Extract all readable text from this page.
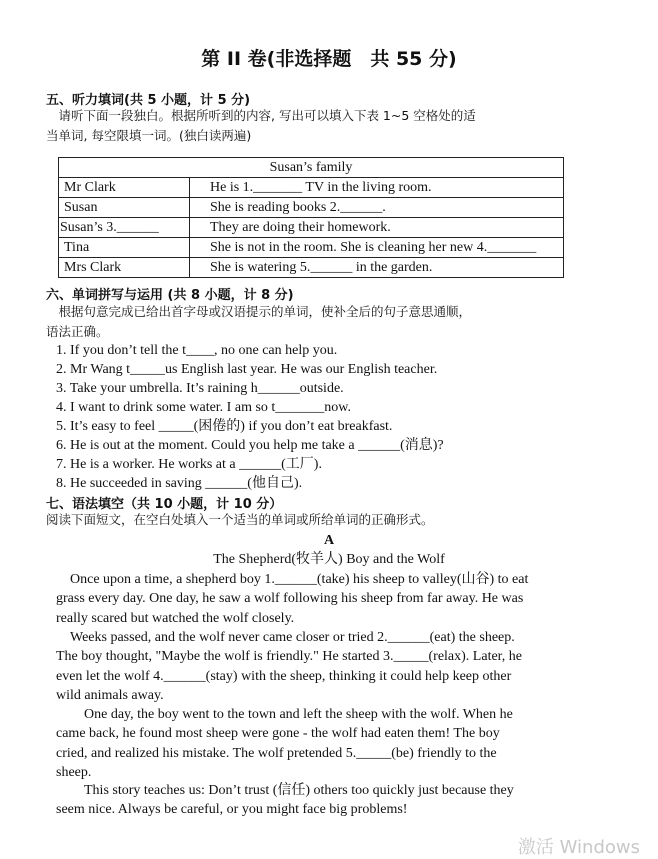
第 II 卷(非选择题　共 55 分)
五、听力填词(共 5 小题，计 5 分)
　请听下面一段独白。根据所听到的内容, 写出可以填入下表 1~5 空格处的适
当单词, 每空限填一词。(独白读两遍)
Susan’s family	
Mr Clark	He is 1._______ TV in the living room.
Susan	She is reading books 2.______.
Susan’s 3.______	They are doing their homework.
Tina	She is not in the room. She is cleaning her new 4._______
Mrs Clark	She is watering 5.______ in the garden.
六、单词拼写与运用 (共 8 小题，计 8 分)
　根据句意完成已给出首字母或汉语提示的单词，使补全后的句子意思通顺，
语法正确。
1. If you don’t tell the t____, no one can help you.
2. Mr Wang t_____us English last year. He was our English teacher.
3. Take your umbrella. It’s raining h______outside.
4. I want to drink some water. I am so t_______now.
5. It’s easy to feel _____(困倦的) if you don’t eat breakfast.
6. He is out at the moment. Could you help me take a ______(消息)?
7. He is a worker. He works at a ______(工厂).
8. He succeeded in saving ______(他自己).
七、语法填空（共 10 小题，计 10 分）
阅读下面短文，在空白处填入一个适当的单词或所给单词的正确形式。
A
The Shepherd(牧羊人) Boy and the Wolf
　Once upon a time, a shepherd boy 1.______(take) his sheep to valley(山谷) to eat
grass every day. One day, he saw a wolf following his sheep from far away. He was
really scared but watched the wolf closely.
　Weeks passed, and the wolf never came closer or tried 2.______(eat) the sheep.
The boy thought, "Maybe the wolf is friendly." He started 3._____(relax). Later, he
even let the wolf 4.______(stay) with the sheep, thinking it could help keep other
wild animals away.
　　One day, the boy went to the town and left the sheep with the wolf. When he
came back, he found most sheep were gone - the wolf had eaten them! The boy
cried, and realized his mistake. The wolf pretended 5._____(be) friendly to the
sheep.
　　This story teaches us: Don’t trust (信任) others too quickly just because they
seem nice. Always be careful, or you might face big problems!
激活 Windows
